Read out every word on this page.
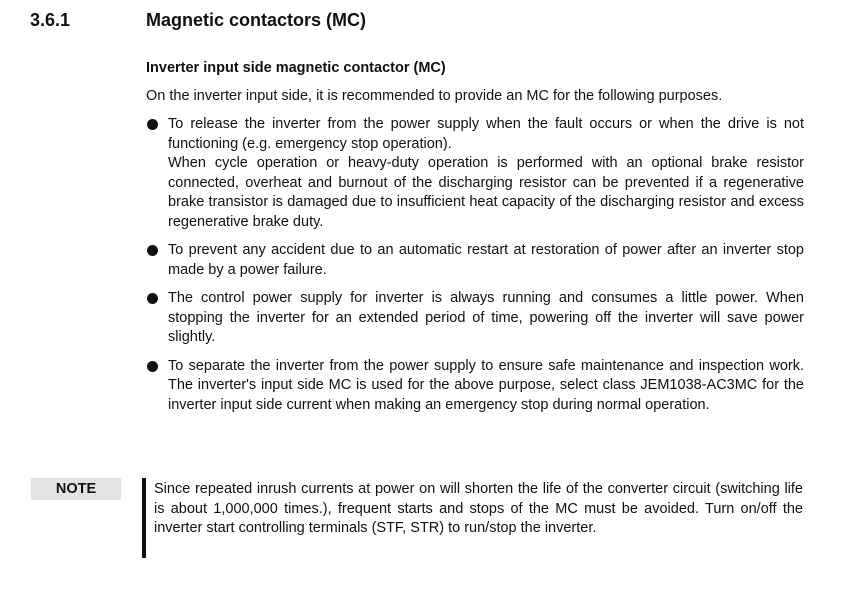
3.6.1	Magnetic contactors (MC)
Inverter input side magnetic contactor (MC)
On the inverter input side, it is recommended to provide an MC for the following purposes.

To release the inverter from the power supply when the fault occurs or when the drive is not functioning (e.g. emergency stop operation).

When cycle operation or heavy-duty operation is performed with an optional brake resistor connected, overheat and burnout of the discharging resistor can be prevented if a regenerative brake transistor is damaged due to insufficient heat capacity of the discharging resistor and excess regenerative brake duty.

To prevent any accident due to an automatic restart at restoration of power after an inverter stop made by a power failure.

The control power supply for inverter is always running and consumes a little power. When stopping the inverter for an extended period of time, powering off the inverter will save power slightly.

To separate the inverter from the power supply to ensure safe maintenance and inspection work. The inverter's input side MC is used for the above purpose, select class JEM1038-AC3MC for the inverter input side current when making an emergency stop during normal operation.

NOTE	Since repeated inrush currents at power on will shorten the life of the converter circuit (switching life is about 1,000,000 times.), frequent starts and stops of the MC must be avoided. Turn on/off the inverter start controlling terminals (STF, STR) to run/stop the inverter.
